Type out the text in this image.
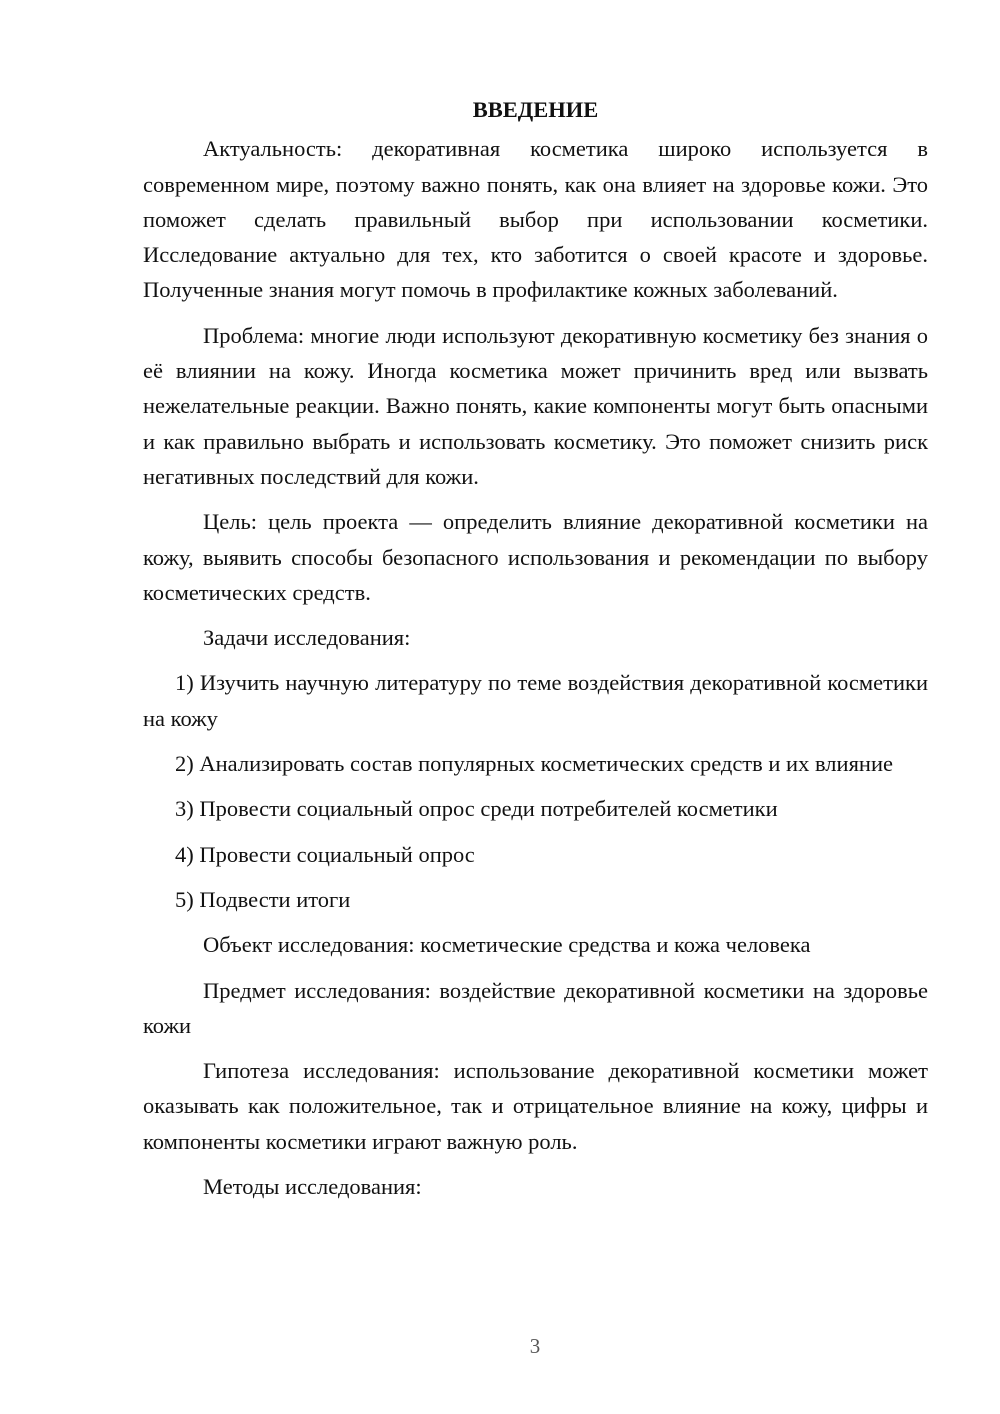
ВВЕДЕНИЕ

Актуальность: декоративная косметика широко используется в современном мире, поэтому важно понять, как она влияет на здоровье кожи. Это поможет сделать правильный выбор при использовании косметики. Исследование актуально для тех, кто заботится о своей красоте и здоровье. Полученные знания могут помочь в профилактике кожных заболеваний.

Проблема: многие люди используют декоративную косметику без знания о её влиянии на кожу. Иногда косметика может причинить вред или вызвать нежелательные реакции. Важно понять, какие компоненты могут быть опасными и как правильно выбрать и использовать косметику. Это поможет снизить риск негативных последствий для кожи.

Цель: цель проекта — определить влияние декоративной косметики на кожу, выявить способы безопасного использования и рекомендации по выбору косметических средств.

Задачи исследования:

1) Изучить научную литературу по теме воздействия декоративной косметики на кожу

2) Анализировать состав популярных косметических средств и их влияние

3) Провести социальный опрос среди потребителей косметики

4) Провести социальный опрос

5) Подвести итоги

Объект исследования: косметические средства и кожа человека

Предмет исследования: воздействие декоративной косметики на здоровье кожи

Гипотеза исследования: использование декоративной косметики может оказывать как положительное, так и отрицательное влияние на кожу, цифры и компоненты косметики играют важную роль.

Методы исследования:

3
